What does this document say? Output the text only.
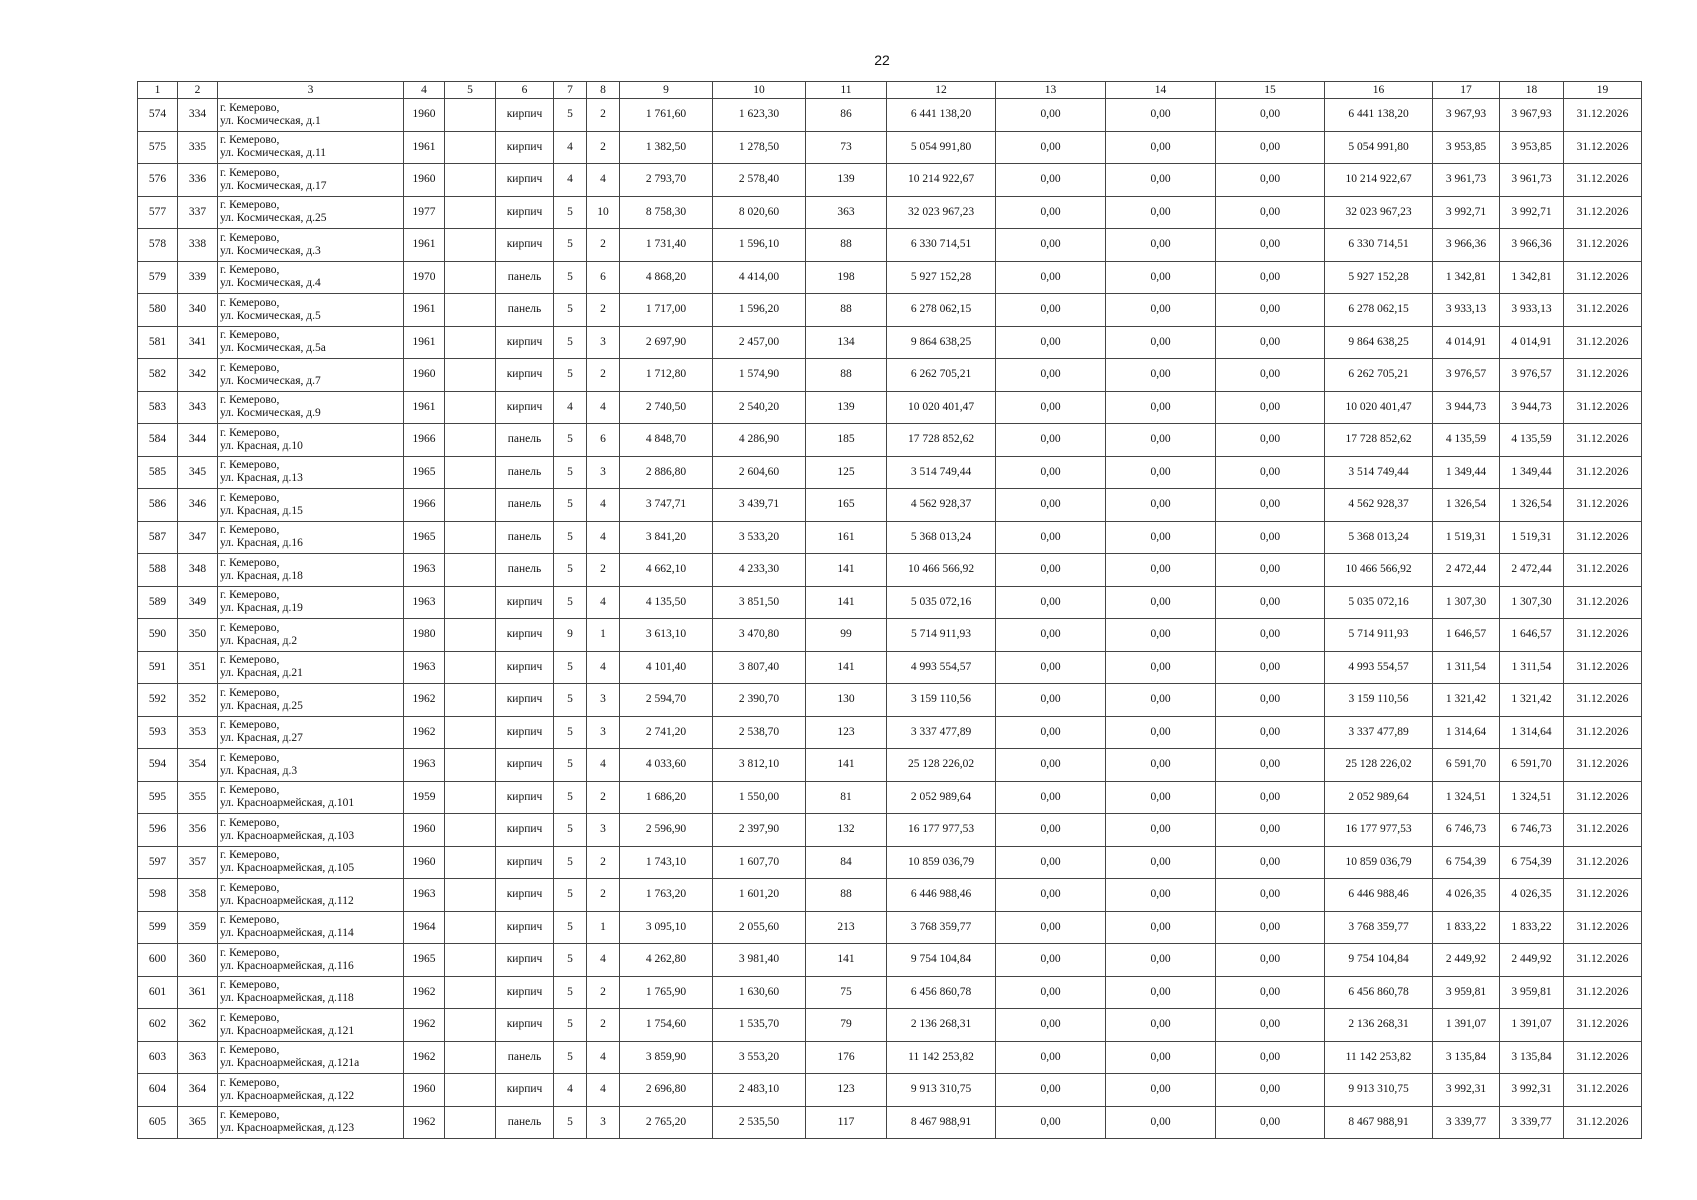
22
1	2	3	4	5	6	7	8	9	10	11	12	13	14	15	16	17	18	19
574	334	г. Кемерово,
ул. Космическая, д.1	1960		кирпич	5	2	1 761,60	1 623,30	86	6 441 138,20	0,00	0,00	0,00	6 441 138,20	3 967,93	3 967,93	31.12.2026
575	335	г. Кемерово,
ул. Космическая, д.11	1961		кирпич	4	2	1 382,50	1 278,50	73	5 054 991,80	0,00	0,00	0,00	5 054 991,80	3 953,85	3 953,85	31.12.2026
576	336	г. Кемерово,
ул. Космическая, д.17	1960		кирпич	4	4	2 793,70	2 578,40	139	10 214 922,67	0,00	0,00	0,00	10 214 922,67	3 961,73	3 961,73	31.12.2026
577	337	г. Кемерово,
ул. Космическая, д.25	1977		кирпич	5	10	8 758,30	8 020,60	363	32 023 967,23	0,00	0,00	0,00	32 023 967,23	3 992,71	3 992,71	31.12.2026
578	338	г. Кемерово,
ул. Космическая, д.3	1961		кирпич	5	2	1 731,40	1 596,10	88	6 330 714,51	0,00	0,00	0,00	6 330 714,51	3 966,36	3 966,36	31.12.2026
579	339	г. Кемерово,
ул. Космическая, д.4	1970		панель	5	6	4 868,20	4 414,00	198	5 927 152,28	0,00	0,00	0,00	5 927 152,28	1 342,81	1 342,81	31.12.2026
580	340	г. Кемерово,
ул. Космическая, д.5	1961		панель	5	2	1 717,00	1 596,20	88	6 278 062,15	0,00	0,00	0,00	6 278 062,15	3 933,13	3 933,13	31.12.2026
581	341	г. Кемерово,
ул. Космическая, д.5а	1961		кирпич	5	3	2 697,90	2 457,00	134	9 864 638,25	0,00	0,00	0,00	9 864 638,25	4 014,91	4 014,91	31.12.2026
582	342	г. Кемерово,
ул. Космическая, д.7	1960		кирпич	5	2	1 712,80	1 574,90	88	6 262 705,21	0,00	0,00	0,00	6 262 705,21	3 976,57	3 976,57	31.12.2026
583	343	г. Кемерово,
ул. Космическая, д.9	1961		кирпич	4	4	2 740,50	2 540,20	139	10 020 401,47	0,00	0,00	0,00	10 020 401,47	3 944,73	3 944,73	31.12.2026
584	344	г. Кемерово,
ул. Красная, д.10	1966		панель	5	6	4 848,70	4 286,90	185	17 728 852,62	0,00	0,00	0,00	17 728 852,62	4 135,59	4 135,59	31.12.2026
585	345	г. Кемерово,
ул. Красная, д.13	1965		панель	5	3	2 886,80	2 604,60	125	3 514 749,44	0,00	0,00	0,00	3 514 749,44	1 349,44	1 349,44	31.12.2026
586	346	г. Кемерово,
ул. Красная, д.15	1966		панель	5	4	3 747,71	3 439,71	165	4 562 928,37	0,00	0,00	0,00	4 562 928,37	1 326,54	1 326,54	31.12.2026
587	347	г. Кемерово,
ул. Красная, д.16	1965		панель	5	4	3 841,20	3 533,20	161	5 368 013,24	0,00	0,00	0,00	5 368 013,24	1 519,31	1 519,31	31.12.2026
588	348	г. Кемерово,
ул. Красная, д.18	1963		панель	5	2	4 662,10	4 233,30	141	10 466 566,92	0,00	0,00	0,00	10 466 566,92	2 472,44	2 472,44	31.12.2026
589	349	г. Кемерово,
ул. Красная, д.19	1963		кирпич	5	4	4 135,50	3 851,50	141	5 035 072,16	0,00	0,00	0,00	5 035 072,16	1 307,30	1 307,30	31.12.2026
590	350	г. Кемерово,
ул. Красная, д.2	1980		кирпич	9	1	3 613,10	3 470,80	99	5 714 911,93	0,00	0,00	0,00	5 714 911,93	1 646,57	1 646,57	31.12.2026
591	351	г. Кемерово,
ул. Красная, д.21	1963		кирпич	5	4	4 101,40	3 807,40	141	4 993 554,57	0,00	0,00	0,00	4 993 554,57	1 311,54	1 311,54	31.12.2026
592	352	г. Кемерово,
ул. Красная, д.25	1962		кирпич	5	3	2 594,70	2 390,70	130	3 159 110,56	0,00	0,00	0,00	3 159 110,56	1 321,42	1 321,42	31.12.2026
593	353	г. Кемерово,
ул. Красная, д.27	1962		кирпич	5	3	2 741,20	2 538,70	123	3 337 477,89	0,00	0,00	0,00	3 337 477,89	1 314,64	1 314,64	31.12.2026
594	354	г. Кемерово,
ул. Красная, д.3	1963		кирпич	5	4	4 033,60	3 812,10	141	25 128 226,02	0,00	0,00	0,00	25 128 226,02	6 591,70	6 591,70	31.12.2026
595	355	г. Кемерово,
ул. Красноармейская, д.101	1959		кирпич	5	2	1 686,20	1 550,00	81	2 052 989,64	0,00	0,00	0,00	2 052 989,64	1 324,51	1 324,51	31.12.2026
596	356	г. Кемерово,
ул. Красноармейская, д.103	1960		кирпич	5	3	2 596,90	2 397,90	132	16 177 977,53	0,00	0,00	0,00	16 177 977,53	6 746,73	6 746,73	31.12.2026
597	357	г. Кемерово,
ул. Красноармейская, д.105	1960		кирпич	5	2	1 743,10	1 607,70	84	10 859 036,79	0,00	0,00	0,00	10 859 036,79	6 754,39	6 754,39	31.12.2026
598	358	г. Кемерово,
ул. Красноармейская, д.112	1963		кирпич	5	2	1 763,20	1 601,20	88	6 446 988,46	0,00	0,00	0,00	6 446 988,46	4 026,35	4 026,35	31.12.2026
599	359	г. Кемерово,
ул. Красноармейская, д.114	1964		кирпич	5	1	3 095,10	2 055,60	213	3 768 359,77	0,00	0,00	0,00	3 768 359,77	1 833,22	1 833,22	31.12.2026
600	360	г. Кемерово,
ул. Красноармейская, д.116	1965		кирпич	5	4	4 262,80	3 981,40	141	9 754 104,84	0,00	0,00	0,00	9 754 104,84	2 449,92	2 449,92	31.12.2026
601	361	г. Кемерово,
ул. Красноармейская, д.118	1962		кирпич	5	2	1 765,90	1 630,60	75	6 456 860,78	0,00	0,00	0,00	6 456 860,78	3 959,81	3 959,81	31.12.2026
602	362	г. Кемерово,
ул. Красноармейская, д.121	1962		кирпич	5	2	1 754,60	1 535,70	79	2 136 268,31	0,00	0,00	0,00	2 136 268,31	1 391,07	1 391,07	31.12.2026
603	363	г. Кемерово,
ул. Красноармейская, д.121а	1962		панель	5	4	3 859,90	3 553,20	176	11 142 253,82	0,00	0,00	0,00	11 142 253,82	3 135,84	3 135,84	31.12.2026
604	364	г. Кемерово,
ул. Красноармейская, д.122	1960		кирпич	4	4	2 696,80	2 483,10	123	9 913 310,75	0,00	0,00	0,00	9 913 310,75	3 992,31	3 992,31	31.12.2026
605	365	г. Кемерово,
ул. Красноармейская, д.123	1962		панель	5	3	2 765,20	2 535,50	117	8 467 988,91	0,00	0,00	0,00	8 467 988,91	3 339,77	3 339,77	31.12.2026
